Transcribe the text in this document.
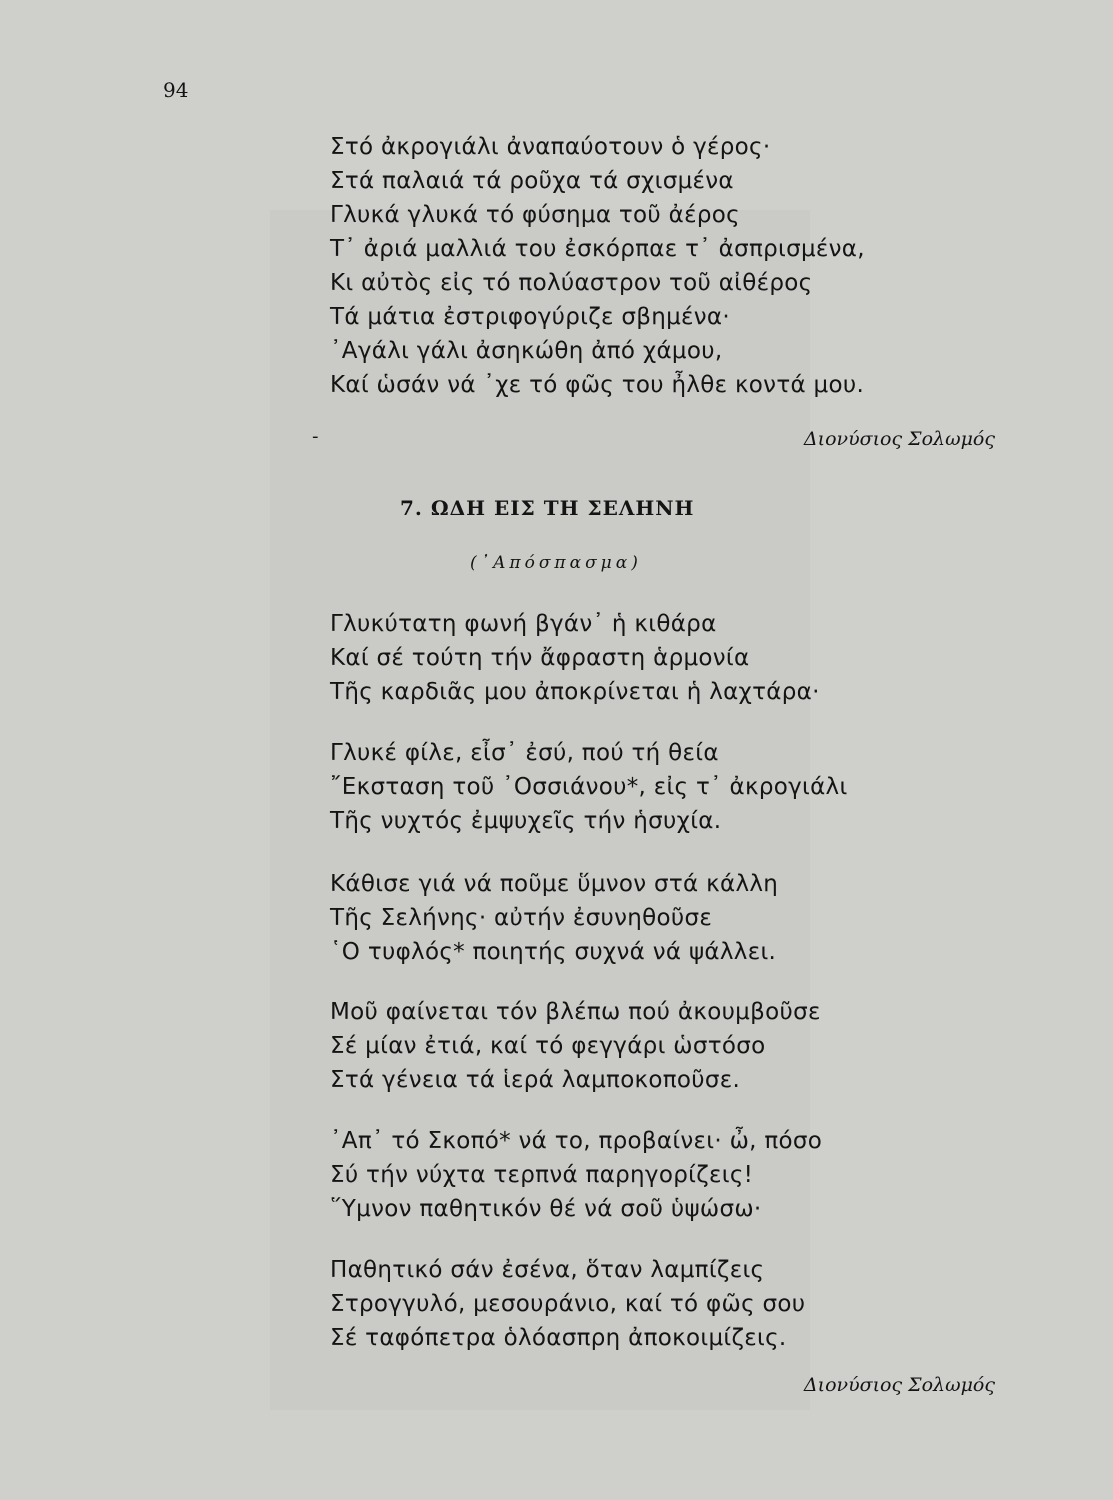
94
Στό ἀκρογιάλι ἀναπαύοτουν ὁ γέρος·
Στά παλαιά τά ροῦχα τά σχισμένα
Γλυκά γλυκά τό φύσημα τοῦ ἀέρος
Τ᾿ ἀριά μαλλιά του ἐσκόρπαε τ᾿ ἀσπρισμένα,
Κι αὐτὸς εἰς τό πολύαστρον τοῦ αἰθέρος
Τά μάτια ἐστριφογύριζε σβημένα·
᾿Αγάλι γάλι ἀσηκώθη ἀπό χάμου,
Καί ὡσάν νά ᾿χε τό φῶς του ἦλθε κοντά μου.
-	Διονύσιος Σολωμός
7. ΩΔΗ ΕΙΣ ΤΗ ΣΕΛΗΝΗ
(᾿Απόσπασμα)
Γλυκύτατη φωνή βγάν᾿ ἡ κιθάρα
Καί σέ τούτη τήν ἄφραστη ἁρμονία
Τῆς καρδιᾶς μου ἀποκρίνεται ἡ λαχτάρα·
Γλυκέ φίλε, εἶσ᾿ ἐσύ, πού τή θεία
῎Εκσταση τοῦ ᾿Οσσιάνου*, εἰς τ᾿ ἀκρογιάλι
Τῆς νυχτός ἐμψυχεῖς τήν ἡσυχία.
Κάθισε γιά νά ποῦμε ὕμνον στά κάλλη
Τῆς Σελήνης· αὐτήν ἐσυνηθοῦσε
῾Ο τυφλός* ποιητής συχνά νά ψάλλει.
Μοῦ φαίνεται τόν βλέπω πού ἀκουμβοῦσε
Σέ μίαν ἐτιά, καί τό φεγγάρι ὡστόσο
Στά γένεια τά ἱερά λαμποκοποῦσε.
᾿Απ᾿ τό Σκοπό* νά το, προβαίνει· ὦ, πόσο
Σύ τήν νύχτα τερπνά παρηγορίζεις!
῞Υμνον παθητικόν θέ νά σοῦ ὑψώσω·
Παθητικό σάν ἐσένα, ὅταν λαμπίζεις
Στρογγυλό, μεσουράνιο, καί τό φῶς σου
Σέ ταφόπετρα ὁλόασπρη ἀποκοιμίζεις.
Διονύσιος Σολωμός
